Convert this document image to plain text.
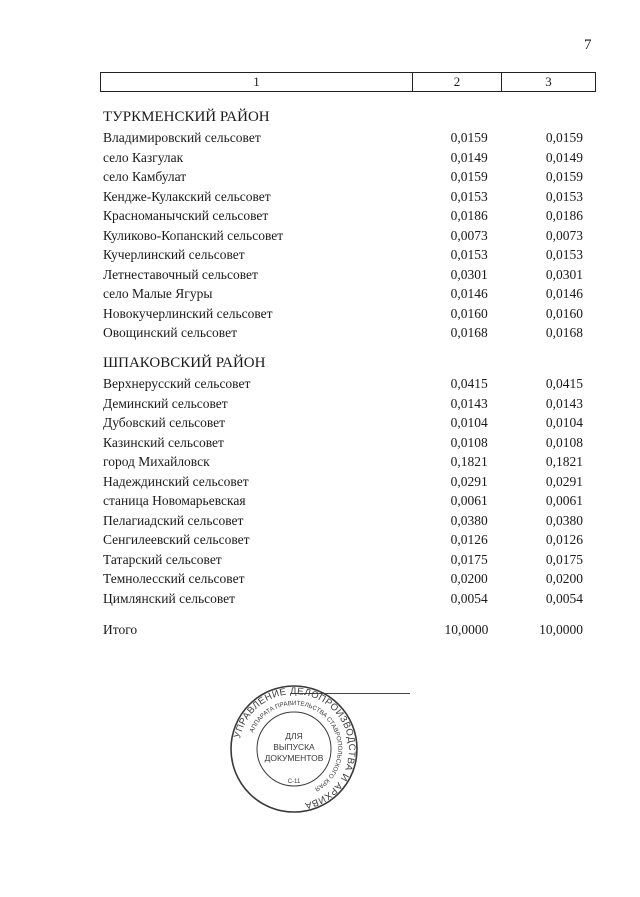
7
1	2	3
ТУРКМЕНСКИЙ РАЙОН
Владимировский сельсовет	0,0159	0,0159
село Казгулак	0,0149	0,0149
село Камбулат	0,0159	0,0159
Кендже-Кулакский сельсовет	0,0153	0,0153
Красноманычский сельсовет	0,0186	0,0186
Куликово-Копанский сельсовет	0,0073	0,0073
Кучерлинский сельсовет	0,0153	0,0153
Летнеставочный сельсовет	0,0301	0,0301
село Малые Ягуры	0,0146	0,0146
Новокучерлинский сельсовет	0,0160	0,0160
Овощинский сельсовет	0,0168	0,0168
ШПАКОВСКИЙ РАЙОН
Верхнерусский сельсовет	0,0415	0,0415
Деминский сельсовет	0,0143	0,0143
Дубовский сельсовет	0,0104	0,0104
Казинский сельсовет	0,0108	0,0108
город Михайловск	0,1821	0,1821
Надеждинский сельсовет	0,0291	0,0291
станица Новомарьевская	0,0061	0,0061
Пелагиадский сельсовет	0,0380	0,0380
Сенгилеевский сельсовет	0,0126	0,0126
Татарский сельсовет	0,0175	0,0175
Темнолесский сельсовет	0,0200	0,0200
Цимлянский сельсовет	0,0054	0,0054
Итого	10,0000	10,0000
УПРАВЛЕНИЕ ДЕЛОПРОИЗВОДСТВА И АРХИВА
АППАРАТА ПРАВИТЕЛЬСТВА СТАВРОПОЛЬСКОГО КРАЯ
ДЛЯ
ВЫПУСКА
ДОКУМЕНТОВ
С-11
